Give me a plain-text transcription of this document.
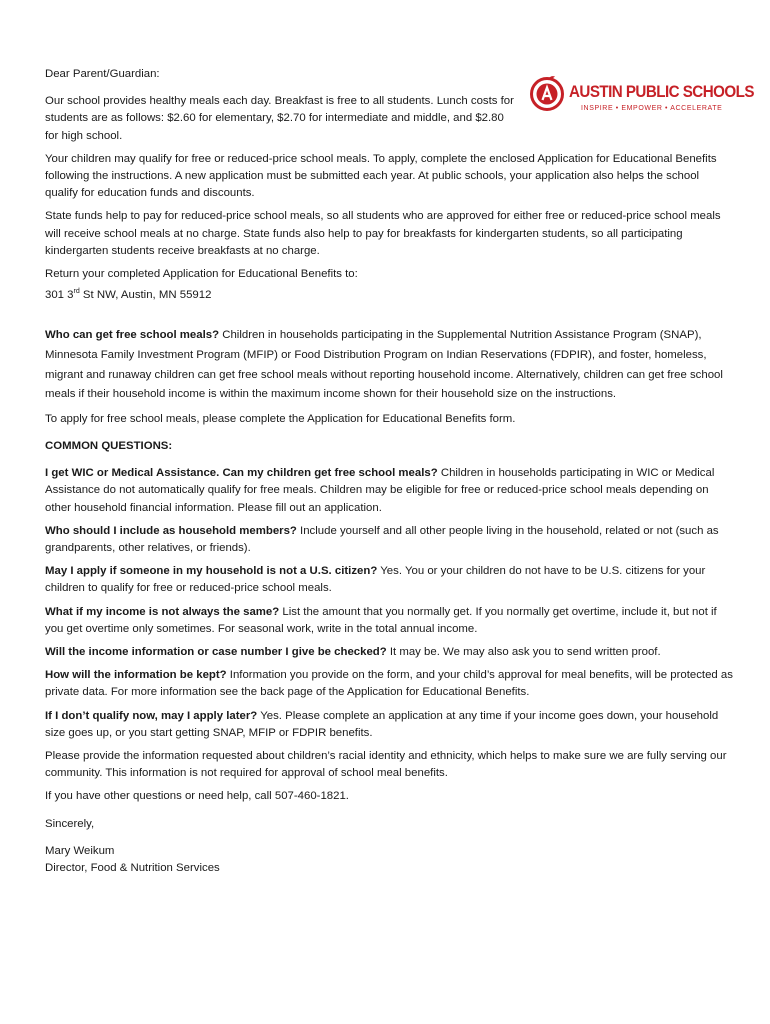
AUSTIN PUBLIC SCHOOLS
INSPIRE • EMPOWER • ACCELERATE

Dear Parent/Guardian:

Our school provides healthy meals each day. Breakfast is free to all students. Lunch costs for students are as follows: $2.60 for elementary, $2.70 for intermediate and middle, and $2.80 for high school.

Your children may qualify for free or reduced-price school meals. To apply, complete the enclosed Application for Educational Benefits following the instructions. A new application must be submitted each year. At public schools, your application also helps the school qualify for education funds and discounts.

State funds help to pay for reduced-price school meals, so all students who are approved for either free or reduced-price school meals will receive school meals at no charge. State funds also help to pay for breakfasts for kindergarten students, so all participating kindergarten students receive breakfasts at no charge.

Return your completed Application for Educational Benefits to:

301 3rd St NW, Austin, MN 55912

Who can get free school meals? Children in households participating in the Supplemental Nutrition Assistance Program (SNAP), Minnesota Family Investment Program (MFIP) or Food Distribution Program on Indian Reservations (FDPIR), and foster, homeless, migrant and runaway children can get free school meals without reporting household income. Alternatively, children can get free school meals if their household income is within the maximum income shown for their household size on the instructions.

To apply for free school meals, please complete the Application for Educational Benefits form.

COMMON QUESTIONS:

I get WIC or Medical Assistance. Can my children get free school meals? Children in households participating in WIC or Medical Assistance do not automatically qualify for free meals. Children may be eligible for free or reduced-price school meals depending on other household financial information. Please fill out an application.

Who should I include as household members? Include yourself and all other people living in the household, related or not (such as grandparents, other relatives, or friends).

May I apply if someone in my household is not a U.S. citizen? Yes. You or your children do not have to be U.S. citizens for your children to qualify for free or reduced-price school meals.

What if my income is not always the same? List the amount that you normally get. If you normally get overtime, include it, but not if you get overtime only sometimes. For seasonal work, write in the total annual income.

Will the income information or case number I give be checked? It may be. We may also ask you to send written proof.

How will the information be kept? Information you provide on the form, and your child’s approval for meal benefits, will be protected as private data. For more information see the back page of the Application for Educational Benefits.

If I don’t qualify now, may I apply later? Yes. Please complete an application at any time if your income goes down, your household size goes up, or you start getting SNAP, MFIP or FDPIR benefits.

Please provide the information requested about children’s racial identity and ethnicity, which helps to make sure we are fully serving our community. This information is not required for approval of school meal benefits.

If you have other questions or need help, call 507-460-1821.

Sincerely,

Mary Weikum

Director, Food & Nutrition Services
